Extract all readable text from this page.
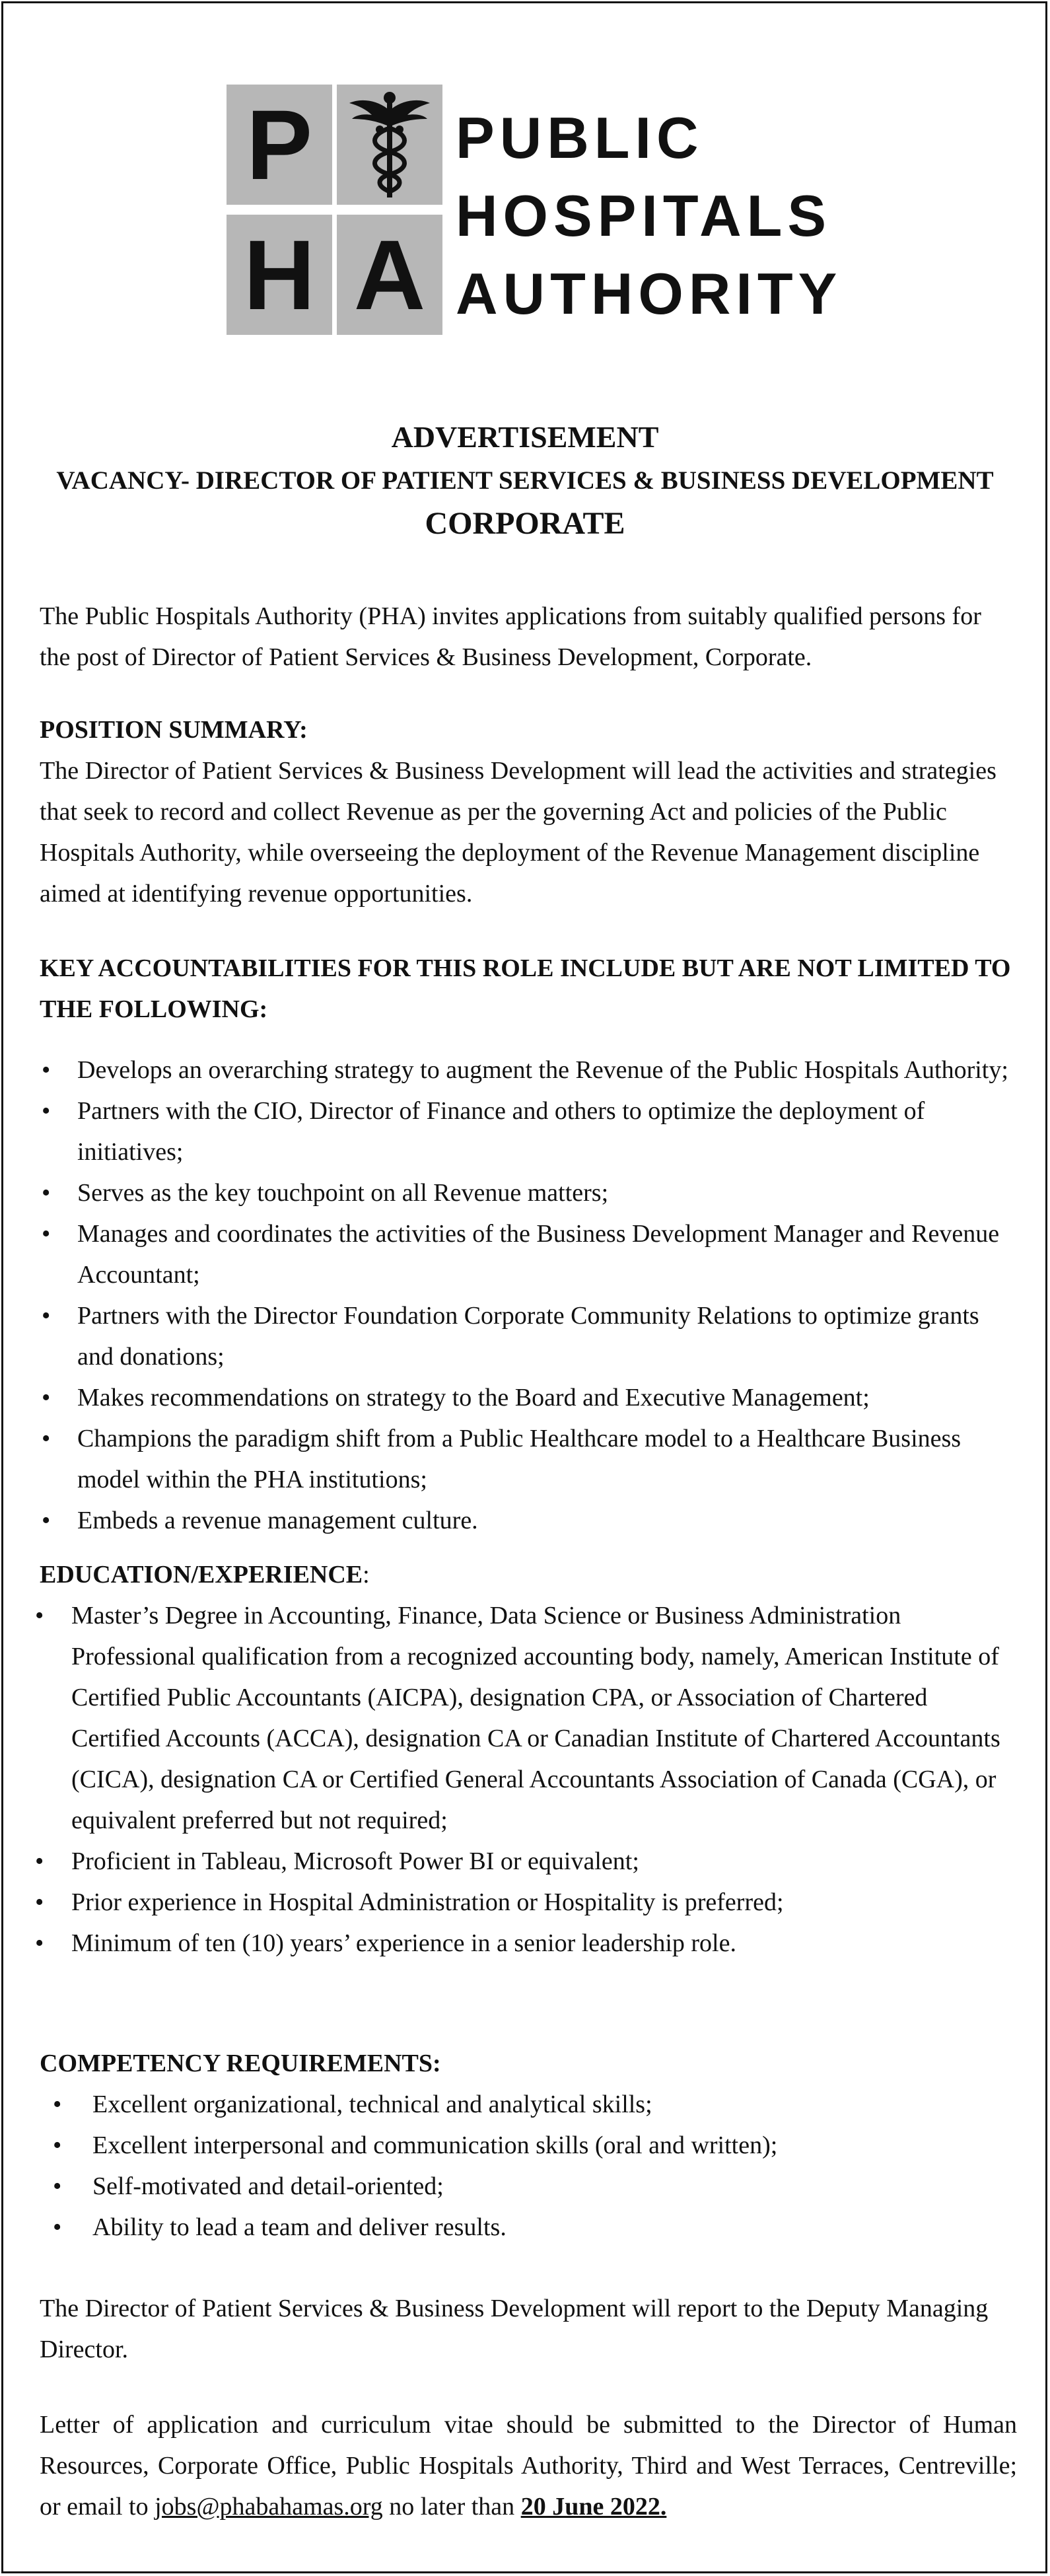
P
H A
PUBLIC
HOSPITALS
AUTHORITY
ADVERTISEMENT
VACANCY- DIRECTOR OF PATIENT SERVICES & BUSINESS DEVELOPMENT
CORPORATE

The Public Hospitals Authority (PHA) invites applications from suitably qualified persons for the post of Director of Patient Services & Business Development, Corporate.

POSITION SUMMARY:

The Director of Patient Services & Business Development will lead the activities and strategies that seek to record and collect Revenue as per the governing Act and policies of the Public Hospitals Authority, while overseeing the deployment of the Revenue Management discipline aimed at identifying revenue opportunities.

KEY ACCOUNTABILITIES FOR THIS ROLE INCLUDE BUT ARE NOT LIMITED TO THE FOLLOWING:

• Develops an overarching strategy to augment the Revenue of the Public Hospitals Authority;
• Partners with the CIO, Director of Finance and others to optimize the deployment of initiatives;
• Serves as the key touchpoint on all Revenue matters;
• Manages and coordinates the activities of the Business Development Manager and Revenue Accountant;
• Partners with the Director Foundation Corporate Community Relations to optimize grants and donations;
• Makes recommendations on strategy to the Board and Executive Management;
• Champions the paradigm shift from a Public Healthcare model to a Healthcare Business model within the PHA institutions;
• Embeds a revenue management culture.

EDUCATION/EXPERIENCE:

• Master’s Degree in Accounting, Finance, Data Science or Business Administration Professional qualification from a recognized accounting body, namely, American Institute of Certified Public Accountants (AICPA), designation CPA, or Association of Chartered Certified Accounts (ACCA), designation CA or Canadian Institute of Chartered Accountants (CICA), designation CA or Certified General Accountants Association of Canada (CGA), or equivalent preferred but not required;
• Proficient in Tableau, Microsoft Power BI or equivalent;
• Prior experience in Hospital Administration or Hospitality is preferred;
• Minimum of ten (10) years’ experience in a senior leadership role.

COMPETENCY REQUIREMENTS:

• Excellent organizational, technical and analytical skills;
• Excellent interpersonal and communication skills (oral and written);
• Self-motivated and detail-oriented;
• Ability to lead a team and deliver results.

The Director of Patient Services & Business Development will report to the Deputy Managing Director.

Letter of application and curriculum vitae should be submitted to the Director of Human Resources, Corporate Office, Public Hospitals Authority, Third and West Terraces, Centreville; or email to jobs@phabahamas.org no later than 20 June 2022.
